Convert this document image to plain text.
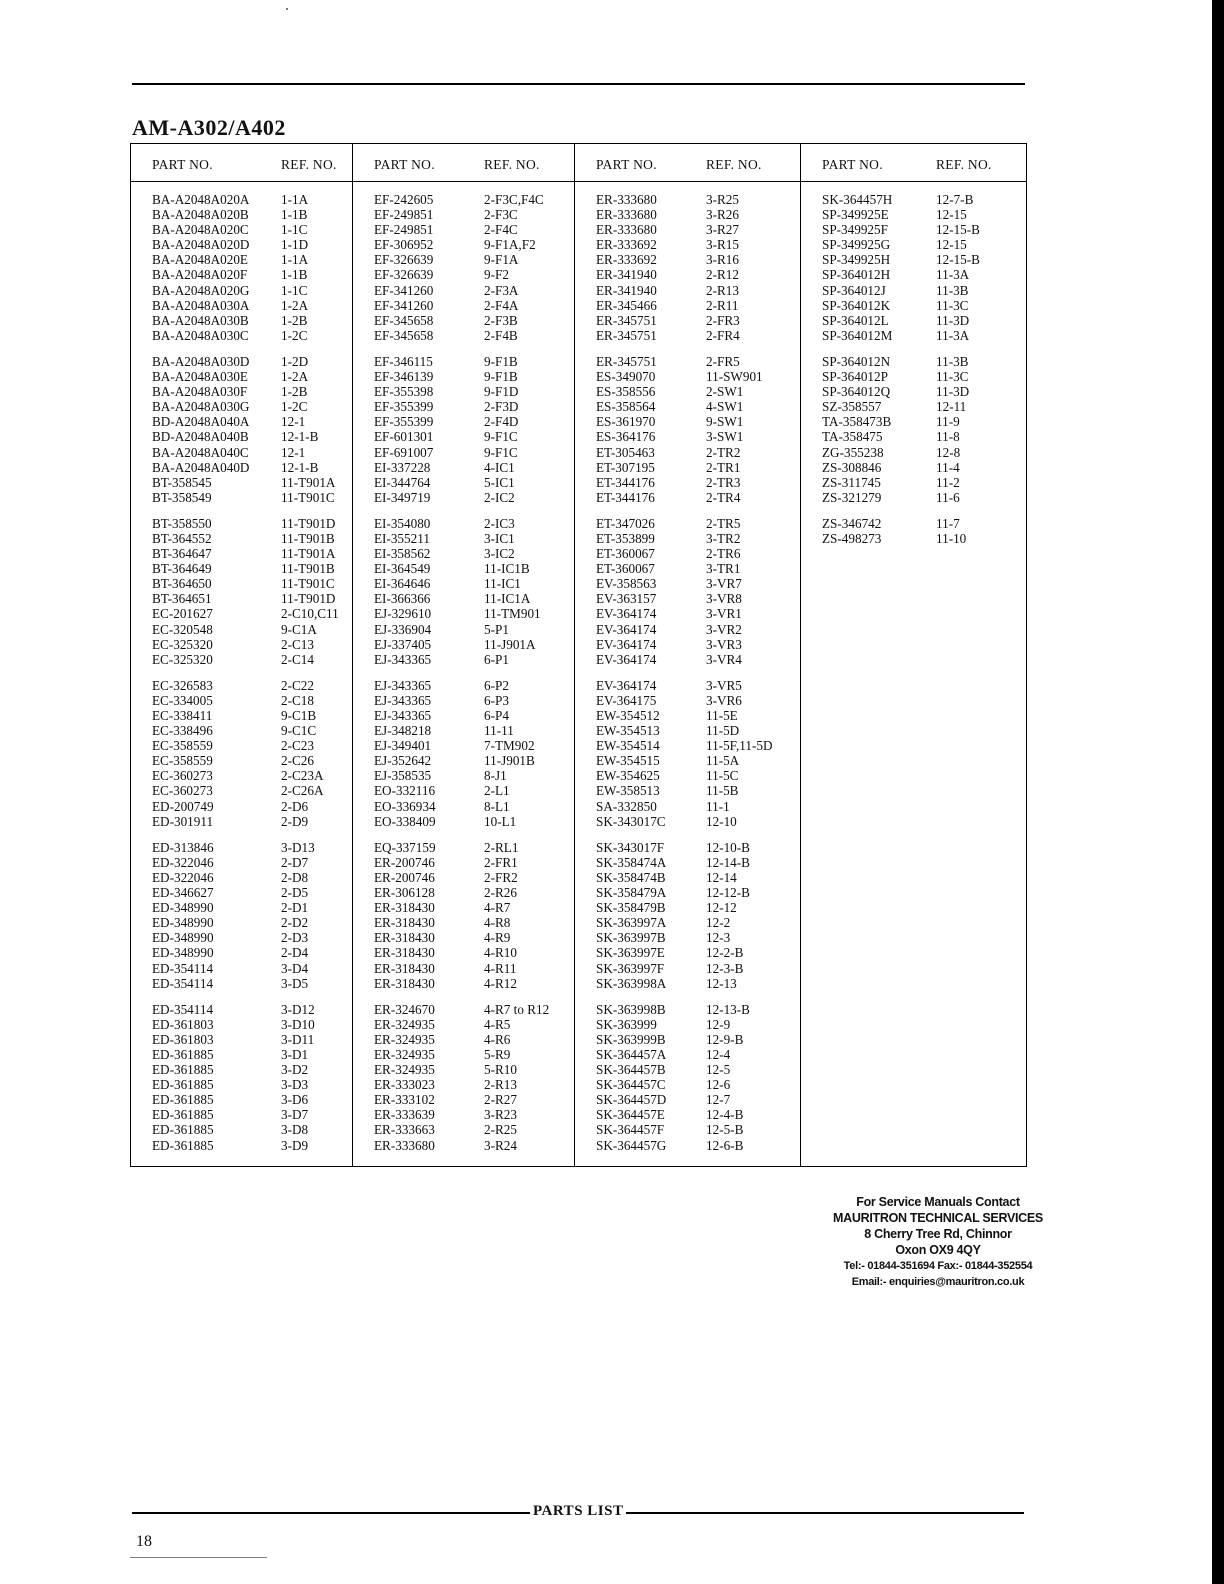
AM-A302/A402
PART NO.	REF. NO.
BA-A2048A020A 1-1A
BA-A2048A020B 1-1B
BA-A2048A020C 1-1C
BA-A2048A020D 1-1D
BA-A2048A020E	1-1A
BA-A2048A020F	1-1B
BA-A2048A020G 1-1C
BA-A2048A030A 1-2A
BA-A2048A030B 1-2B
BA-A2048A030C 1-2C
BA-A2048A030D 1-2D
BA-A2048A030E	1-2A
BA-A2048A030F	1-2B
BA-A2048A030G 1-2C
BD-A2048A040A 12-1
BD-A2048A040B 12-1-B
BA-A2048A040C 12-1
BA-A2048A040D 12-1-B
BT-358545	11-T901A
BT-358549	11-T901C
BT-358550	11-T901D
BT-364552	11-T901B
BT-364647	11-T901A
BT-364649	11-T901B
BT-364650	11-T901C
BT-364651	11-T901D
EC-201627	2-C10,C11
EC-320548	9-C1A
EC-325320	2-C13
EC-325320	2-C14
EC-326583	2-C22
EC-334005	2-C18
EC-338411	9-C1B
EC-338496	9-C1C
EC-358559	2-C23
EC-358559	2-C26
EC-360273	2-C23A
EC-360273	2-C26A
ED-200749	2-D6
ED-301911	2-D9
ED-313846	3-D13
ED-322046	2-D7
ED-322046	2-D8
ED-346627	2-D5
ED-348990	2-D1
ED-348990	2-D2
ED-348990	2-D3
ED-348990	2-D4
ED-354114	3-D4
ED-354114	3-D5
ED-354114	3-D12
ED-361803	3-D10
ED-361803	3-D11
ED-361885	3-D1
ED-361885	3-D2
ED-361885	3-D3
ED-361885	3-D6
ED-361885	3-D7
ED-361885	3-D8
ED-361885	3-D9
PART NO.	REF. NO.
EF-242605	2-F3C,F4C
EF-249851	2-F3C
EF-249851	2-F4C
EF-306952	9-F1A,F2
EF-326639	9-F1A
EF-326639	9-F2
EF-341260	2-F3A
EF-341260	2-F4A
EF-345658	2-F3B
EF-345658	2-F4B
EF-346115	9-F1B
EF-346139	9-F1B
EF-355398	9-F1D
EF-355399	2-F3D
EF-355399	2-F4D
EF-601301	9-F1C
EF-691007	9-F1C
EI-337228	4-IC1
EI-344764	5-IC1
EI-349719	2-IC2
EI-354080	2-IC3
EI-355211	3-IC1
EI-358562	3-IC2
EI-364549	11-IC1B
EI-364646	11-IC1
EI-366366	11-IC1A
EJ-329610	11-TM901
EJ-336904	5-P1
EJ-337405	11-J901A
EJ-343365	6-P1
EJ-343365	6-P2
EJ-343365	6-P3
EJ-343365	6-P4
EJ-348218	11-11
EJ-349401	7-TM902
EJ-352642	11-J901B
EJ-358535	8-J1
EO-332116	2-L1
EO-336934	8-L1
EO-338409	10-L1
EQ-337159	2-RL1
ER-200746	2-FR1
ER-200746	2-FR2
ER-306128	2-R26
ER-318430	4-R7
ER-318430	4-R8
ER-318430	4-R9
ER-318430	4-R10
ER-318430	4-R11
ER-318430	4-R12
ER-324670	4-R7 to R12
ER-324935	4-R5
ER-324935	4-R6
ER-324935	5-R9
ER-324935	5-R10
ER-333023	2-R13
ER-333102	2-R27
ER-333639	3-R23
ER-333663	2-R25
ER-333680	3-R24
PART NO.	REF. NO.
ER-333680	3-R25
ER-333680	3-R26
ER-333680	3-R27
ER-333692	3-R15
ER-333692	3-R16
ER-341940	2-R12
ER-341940	2-R13
ER-345466	2-R11
ER-345751	2-FR3
ER-345751	2-FR4
ER-345751	2-FR5
ES-349070	11-SW901
ES-358556	2-SW1
ES-358564	4-SW1
ES-361970	9-SW1
ES-364176	3-SW1
ET-305463	2-TR2
ET-307195	2-TR1
ET-344176	2-TR3
ET-344176	2-TR4
ET-347026	2-TR5
ET-353899	3-TR2
ET-360067	2-TR6
ET-360067	3-TR1
EV-358563	3-VR7
EV-363157	3-VR8
EV-364174	3-VR1
EV-364174	3-VR2
EV-364174	3-VR3
EV-364174	3-VR4
EV-364174	3-VR5
EV-364175	3-VR6
EW-354512	11-5E
EW-354513	11-5D
EW-354514	11-5F,11-5D
EW-354515	11-5A
EW-354625	11-5C
EW-358513	11-5B
SA-332850	11-1
SK-343017C	12-10
SK-343017F	12-10-B
SK-358474A	12-14-B
SK-358474B	12-14
SK-358479A	12-12-B
SK-358479B	12-12
SK-363997A	12-2
SK-363997B	12-3
SK-363997E	12-2-B
SK-363997F	12-3-B
SK-363998A	12-13
SK-363998B	12-13-B
SK-363999	12-9
SK-363999B	12-9-B
SK-364457A	12-4
SK-364457B	12-5
SK-364457C	12-6
SK-364457D	12-7
SK-364457E	12-4-B
SK-364457F	12-5-B
SK-364457G	12-6-B
PART NO.	REF. NO.
SK-364457H	12-7-B
SP-349925E	12-15
SP-349925F	12-15-B
SP-349925G	12-15
SP-349925H	12-15-B
SP-364012H	11-3A
SP-364012J	11-3B
SP-364012K	11-3C
SP-364012L	11-3D
SP-364012M	11-3A
SP-364012N	11-3B
SP-364012P	11-3C
SP-364012Q	11-3D
SZ-358557	12-11
TA-358473B	11-9
TA-358475	11-8
ZG-355238	12-8
ZS-308846	11-4
ZS-311745	11-2
ZS-321279	11-6
ZS-346742	11-7
ZS-498273	11-10
For Service Manuals Contact
MAURITRON TECHNICAL SERVICES
8 Cherry Tree Rd, Chinnor
Oxon OX9 4QY
Tel:- 01844-351694 Fax:- 01844-352554
Email:- enquiries@mauritron.co.uk
PARTS LIST
18
